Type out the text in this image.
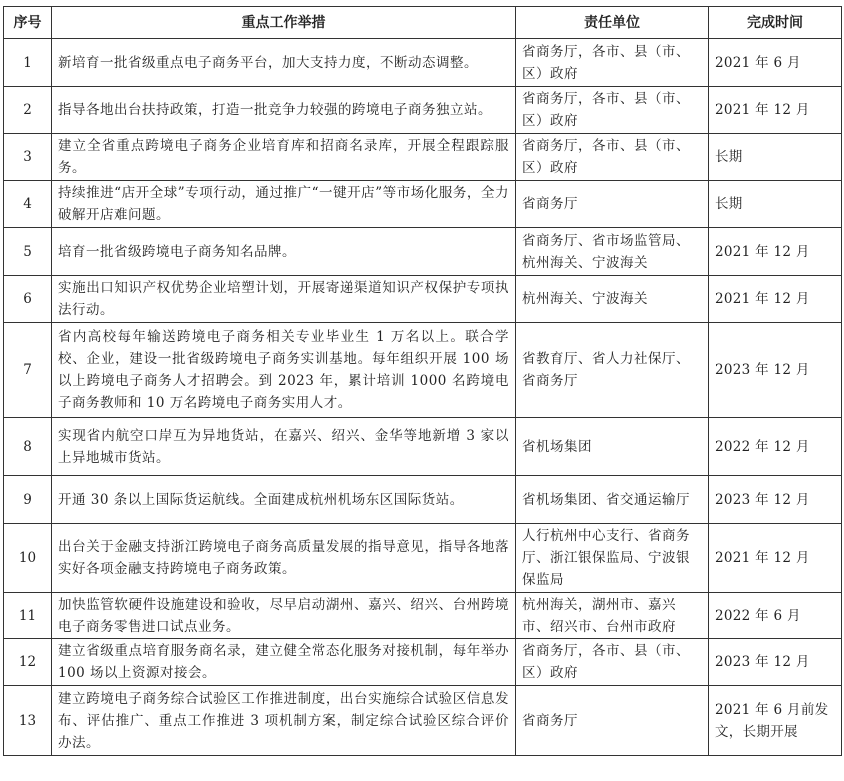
序号	重点工作举措	责任单位	完成时间
1	新培育一批省级重点电子商务平台，加大支持力度，不断动态调整。	省商务厅，各市、县（市、区）政府	2021 年 6 月
2	指导各地出台扶持政策，打造一批竞争力较强的跨境电子商务独立站。	省商务厅，各市、县（市、区）政府	2021 年 12 月
3	建立全省重点跨境电子商务企业培育库和招商名录库，开展全程跟踪服务。	省商务厅，各市、县（市、区）政府	长期
4	持续推进“店开全球”专项行动，通过推广“一键开店”等市场化服务，全力破解开店难问题。	省商务厅	长期
5	培育一批省级跨境电子商务知名品牌。	省商务厅、省市场监管局、杭州海关、宁波海关	2021 年 12 月
6	实施出口知识产权优势企业培塑计划，开展寄递渠道知识产权保护专项执法行动。	杭州海关、宁波海关	2021 年 12 月
7	省内高校每年输送跨境电子商务相关专业毕业生 1 万名以上。联合学校、企业，建设一批省级跨境电子商务实训基地。每年组织开展 100 场以上跨境电子商务人才招聘会。到 2023 年，累计培训 1000 名跨境电子商务教师和 10 万名跨境电子商务实用人才。	省教育厅、省人力社保厅、省商务厅	2023 年 12 月
8	实现省内航空口岸互为异地货站，在嘉兴、绍兴、金华等地新增 3 家以上异地城市货站。	省机场集团	2022 年 12 月
9	开通 30 条以上国际货运航线。全面建成杭州机场东区国际货站。	省机场集团、省交通运输厅	2023 年 12 月
10	出台关于金融支持浙江跨境电子商务高质量发展的指导意见，指导各地落实好各项金融支持跨境电子商务政策。	人行杭州中心支行、省商务厅、浙江银保监局、宁波银保监局	2021 年 12 月
11	加快监管软硬件设施建设和验收，尽早启动湖州、嘉兴、绍兴、台州跨境电子商务零售进口试点业务。	杭州海关，湖州市、嘉兴市、绍兴市、台州市政府	2022 年 6 月
12	建立省级重点培育服务商名录，建立健全常态化服务对接机制，每年举办 100 场以上资源对接会。	省商务厅，各市、县（市、区）政府	2023 年 12 月
13	建立跨境电子商务综合试验区工作推进制度，出台实施综合试验区信息发布、评估推广、重点工作推进 3 项机制方案，制定综合试验区综合评价办法。	省商务厅	2021 年 6 月前发文，长期开展
